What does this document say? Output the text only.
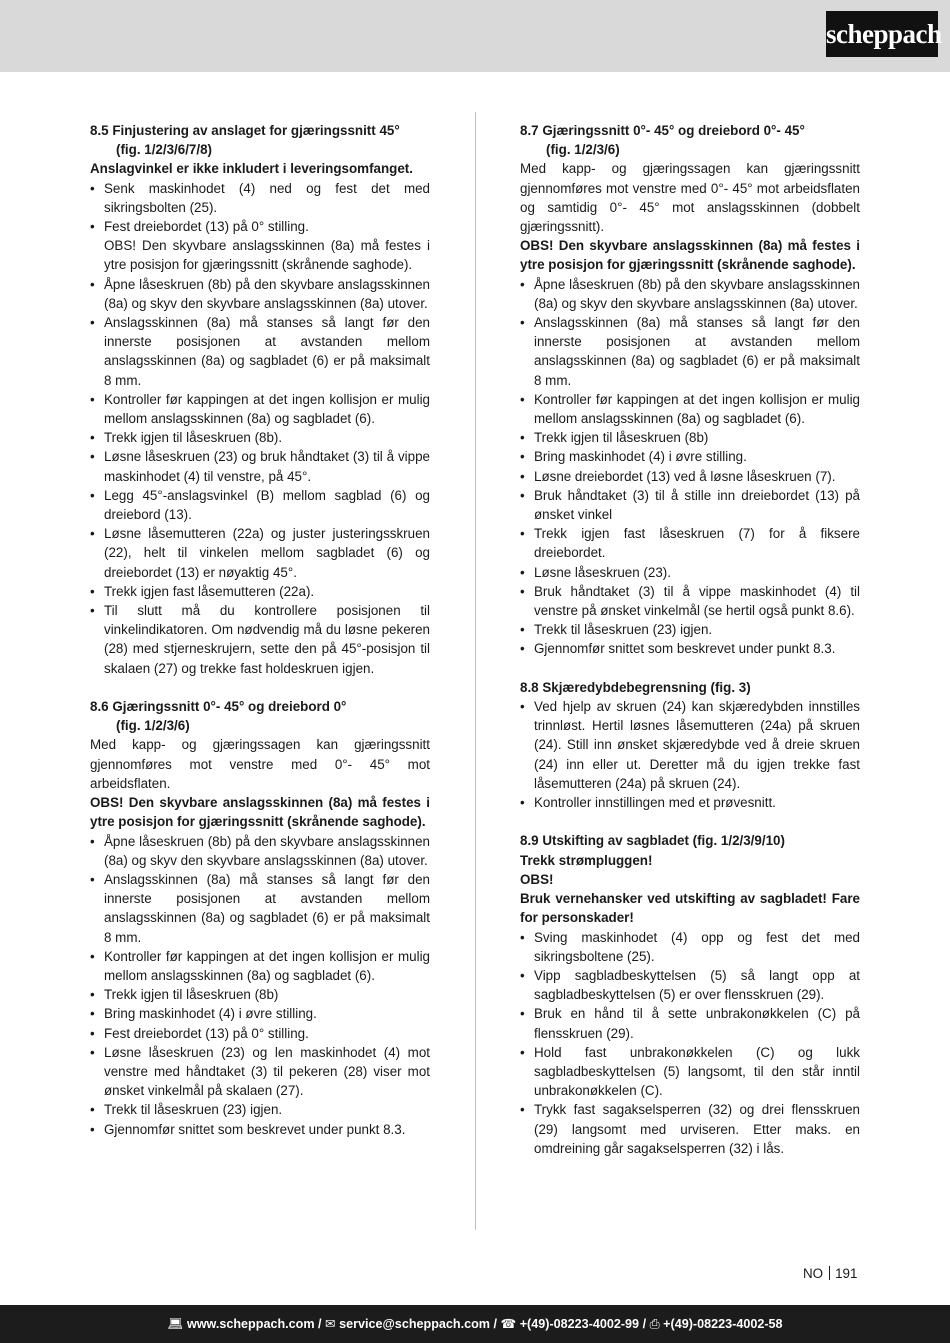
scheppach

8.5 Finjustering av anslaget for gjæringssnitt 45°
(fig. 1/2/3/6/7/8)

Anslagvinkel er ikke inkludert i leveringsomfanget.

• Senk maskinhodet (4) ned og fest det med sikringsbolten (25).
• Fest dreiebordet (13) på 0° stilling.
OBS! Den skyvbare anslagsskinnen (8a) må festes i ytre posisjon for gjæringssnitt (skrånende saghode).
• Åpne låseskruen (8b) på den skyvbare anslagsskinnen (8a) og skyv den skyvbare anslagsskinnen (8a) utover.
• Anslagsskinnen (8a) må stanses så langt før den innerste posisjonen at avstanden mellom anslagsskinnen (8a) og sagbladet (6) er på maksimalt 8 mm.
• Kontroller før kappingen at det ingen kollisjon er mulig mellom anslagsskinnen (8a) og sagbladet (6).
• Trekk igjen til låseskruen (8b).
• Løsne låseskruen (23) og bruk håndtaket (3) til å vippe maskinhodet (4) til venstre, på 45°.
• Legg 45°-anslagsvinkel (B) mellom sagblad (6) og dreiebord (13).
• Løsne låsemutteren (22a) og juster justeringsskruen (22), helt til vinkelen mellom sagbladet (6) og dreiebordet (13) er nøyaktig 45°.
• Trekk igjen fast låsemutteren (22a).
• Til slutt må du kontrollere posisjonen til vinkelindikatoren. Om nødvendig må du løsne pekeren (28) med stjerneskrujern, sette den på 45°-posisjon til skalaen (27) og trekke fast holdeskruen igjen.

8.6 Gjæringssnitt 0°- 45° og dreiebord 0°
(fig. 1/2/3/6)

Med kapp- og gjæringssagen kan gjæringssnitt gjennomføres mot venstre med 0°- 45° mot arbeidsflaten.

OBS! Den skyvbare anslagsskinnen (8a) må festes i ytre posisjon for gjæringssnitt (skrånende saghode).

• Åpne låseskruen (8b) på den skyvbare anslagsskinnen (8a) og skyv den skyvbare anslagsskinnen (8a) utover.
• Anslagsskinnen (8a) må stanses så langt før den innerste posisjonen at avstanden mellom anslagsskinnen (8a) og sagbladet (6) er på maksimalt 8 mm.
• Kontroller før kappingen at det ingen kollisjon er mulig mellom anslagsskinnen (8a) og sagbladet (6).
• Trekk igjen til låseskruen (8b)
• Bring maskinhodet (4) i øvre stilling.
• Fest dreiebordet (13) på 0° stilling.
• Løsne låseskruen (23) og len maskinhodet (4) mot venstre med håndtaket (3) til pekeren (28) viser mot ønsket vinkelmål på skalaen (27).
• Trekk til låseskruen (23) igjen.
• Gjennomfør snittet som beskrevet under punkt 8.3.

8.7 Gjæringssnitt 0°- 45° og dreiebord 0°- 45°
(fig. 1/2/3/6)

Med kapp- og gjæringssagen kan gjæringssnitt gjennomføres mot venstre med 0°- 45° mot arbeidsflaten og samtidig 0°- 45° mot anslagsskinnen (dobbelt gjæringssnitt).

OBS! Den skyvbare anslagsskinnen (8a) må festes i ytre posisjon for gjæringssnitt (skrånende saghode).

• Åpne låseskruen (8b) på den skyvbare anslagsskinnen (8a) og skyv den skyvbare anslagsskinnen (8a) utover.
• Anslagsskinnen (8a) må stanses så langt før den innerste posisjonen at avstanden mellom anslagsskinnen (8a) og sagbladet (6) er på maksimalt 8 mm.
• Kontroller før kappingen at det ingen kollisjon er mulig mellom anslagsskinnen (8a) og sagbladet (6).
• Trekk igjen til låseskruen (8b)
• Bring maskinhodet (4) i øvre stilling.
• Løsne dreiebordet (13) ved å løsne låseskruen (7).
• Bruk håndtaket (3) til å stille inn dreiebordet (13) på ønsket vinkel
• Trekk igjen fast låseskruen (7) for å fiksere dreiebordet.
• Løsne låseskruen (23).
• Bruk håndtaket (3) til å vippe maskinhodet (4) til venstre på ønsket vinkelmål (se hertil også punkt 8.6).
• Trekk til låseskruen (23) igjen.
• Gjennomfør snittet som beskrevet under punkt 8.3.

8.8 Skjæredybdebegrensning (fig. 3)

• Ved hjelp av skruen (24) kan skjæredybden innstilles trinnløst. Hertil løsnes låsemutteren (24a) på skruen (24). Still inn ønsket skjæredybde ved å dreie skruen (24) inn eller ut. Deretter må du igjen trekke fast låsemutteren (24a) på skruen (24).
• Kontroller innstillingen med et prøvesnitt.

8.9 Utskifting av sagbladet (fig. 1/2/3/9/10)

Trekk strømpluggen!

OBS!

Bruk vernehansker ved utskifting av sagbladet! Fare for personskader!

• Sving maskinhodet (4) opp og fest det med sikringsboltene (25).
• Vipp sagbladbeskyttelsen (5) så langt opp at sagbladbeskyttelsen (5) er over flensskruen (29).
• Bruk en hånd til å sette unbrakonøkkelen (C) på flensskruen (29).
• Hold fast unbrakonøkkelen (C) og lukk sagbladbeskyttelsen (5) langsomt, til den står inntil unbrakonøkkelen (C).
• Trykk fast sagakselsperren (32) og drei flensskruen (29) langsomt med urviseren. Etter maks. en omdreining går sagakselsperren (32) i lås.
NO 191
💻︎ www.scheppach.com / ✉︎ service@scheppach.com / ☎︎ +(49)-08223-4002-99 / ⎙ +(49)-08223-4002-58
